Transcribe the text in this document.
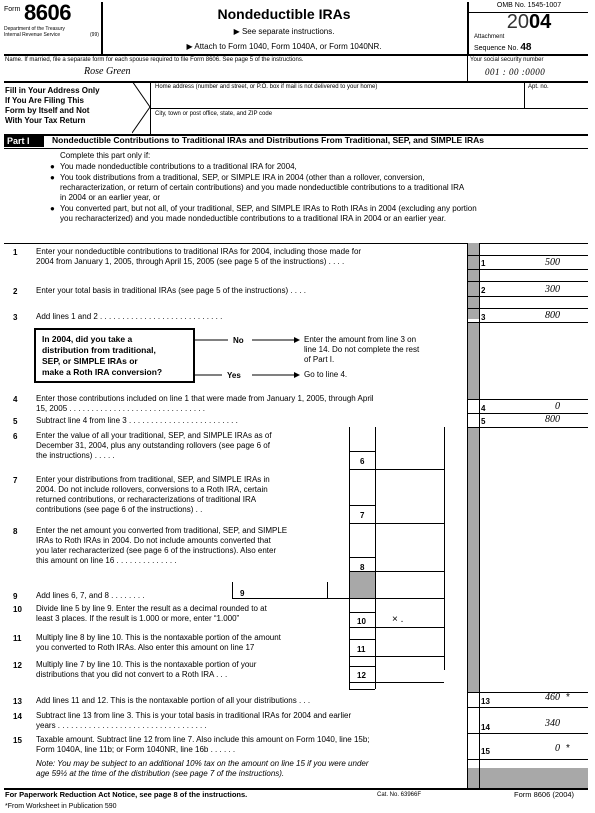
Form 8606
Department of the Treasury
Internal Revenue Service	(99)
Nondeductible IRAs
▶ See separate instructions.
▶ Attach to Form 1040, Form 1040A, or Form 1040NR.
OMB No. 1545-1007
2004
Attachment
Sequence No. 48
Name. If married, file a separate form for each spouse required to file Form 8606. See page 5 of the instructions.
Rose Green
Your social security number
001 : 00 :0000
Fill in Your Address Only
If You Are Filing This
Form by Itself and Not
With Your Tax Return
Home address (number and street, or P.O. box if mail is not delivered to your home)	Apt. no.
City, town or post office, state, and ZIP code
Part I	Nondeductible Contributions to Traditional IRAs and Distributions From Traditional, SEP, and SIMPLE IRAs
Complete this part only if:
● You made nondeductible contributions to a traditional IRA for 2004,
● You took distributions from a traditional, SEP, or SIMPLE IRA in 2004 (other than a rollover, conversion,
recharacterization, or return of certain contributions) and you made nondeductible contributions to a traditional IRA
in 2004 or an earlier year, or
● You converted part, but not all, of your traditional, SEP, and SIMPLE IRAs to Roth IRAs in 2004 (excluding any portion
you recharacterized) and you made nondeductible contributions to a traditional IRA in 2004 or an earlier year.
1 Enter your nondeductible contributions to traditional IRAs for 2004, including those made for
2004 from January 1, 2005, through April 15, 2005 (see page 5 of the instructions) . . . .	1	500
2 Enter your total basis in traditional IRAs (see page 5 of the instructions) . . . .	2	300
3 Add lines 1 and 2 . . . . . . . . . . . . . . . . . . . . . . . . . . . .	3	800
In 2004, did you take a
distribution from traditional,
SEP, or SIMPLE IRAs or
make a Roth IRA conversion?
No
Yes
Enter the amount from line 3 on
line 14. Do not complete the rest
of Part I.
Go to line 4.
4 Enter those contributions included on line 1 that were made from January 1, 2005, through April
15, 2005 . . . . . . . . . . . . . . . . . . . . . . . . . . . . . . .	4	0
5 Subtract line 4 from line 3 . . . . . . . . . . . . . . . . . . . . . . . . .	5	800
6 Enter the value of all your traditional, SEP, and SIMPLE IRAs as of
December 31, 2004, plus any outstanding rollovers (see page 6 of
the instructions) . . . . .
6
7 Enter your distributions from traditional, SEP, and SIMPLE IRAs in
2004. Do not include rollovers, conversions to a Roth IRA, certain
returned contributions, or recharacterizations of traditional IRA
contributions (see page 6 of the instructions) . .
7
8 Enter the net amount you converted from traditional, SEP, and SIMPLE
IRAs to Roth IRAs in 2004. Do not include amounts converted that
you later recharacterized (see page 6 of the instructions). Also enter
this amount on line 16 . . . . . . . . . . . . . .
8
9 Add lines 6, 7, and 8 . . . . . . . .	9
10 Divide line 5 by line 9. Enter the result as a decimal rounded to at
least 3 places. If the result is 1.000 or more, enter “1.000”	10	× .
11 Multiply line 8 by line 10. This is the nontaxable portion of the amount
you converted to Roth IRAs. Also enter this amount on line 17	11
12 Multiply line 7 by line 10. This is the nontaxable portion of your
distributions that you did not convert to a Roth IRA . . .	12
13 Add lines 11 and 12. This is the nontaxable portion of all your distributions . . .	13	460 *
14 Subtract line 13 from line 3. This is your total basis in traditional IRAs for 2004 and earlier
years . . . . . . . . . . . . . . . . . . . . . . . . . . . . . . . . . .	14	340
15 Taxable amount. Subtract line 12 from line 7. Also include this amount on Form 1040, line 15b;
Form 1040A, line 11b; or Form 1040NR, line 16b . . . . . .	15	0 *
Note: You may be subject to an additional 10% tax on the amount on line 15 if you were under
age 59½ at the time of the distribution (see page 7 of the instructions).
For Paperwork Reduction Act Notice, see page 8 of the instructions.	Cat. No. 63966F	Form 8606 (2004)
*From Worksheet in Publication 590
